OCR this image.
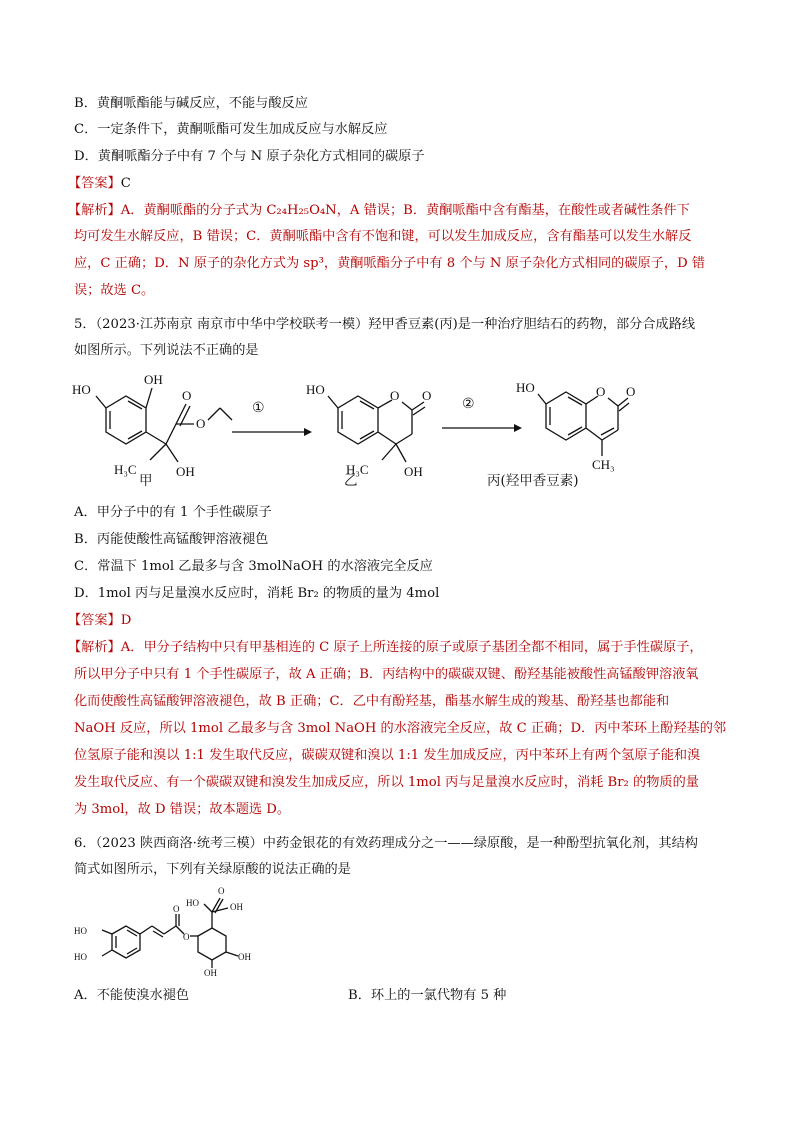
B．黄酮哌酯能与碱反应，不能与酸反应
C．一定条件下，黄酮哌酯可发生加成反应与水解反应
D．黄酮哌酯分子中有 7 个与 N 原子杂化方式相同的碳原子
【答案】C
【解析】A．黄酮哌酯的分子式为 C₂₄H₂₅O₄N，A 错误；B．黄酮哌酯中含有酯基，在酸性或者碱性条件下
均可发生水解反应，B 错误；C．黄酮哌酯中含有不饱和键，可以发生加成反应，含有酯基可以发生水解反
应，C 正确；D．N 原子的杂化方式为 sp³，黄酮哌酯分子中有 8 个与 N 原子杂化方式相同的碳原子，D 错
误；故选 C。
5．（2023·江苏南京 南京市中华中学校联考一模）羟甲香豆素(丙)是一种治疗胆结石的药物，部分合成路线
如图所示。下列说法不正确的是
HO
OH
O
O
H₃C	OH
①
HO	O O
H₃C	OH
②
HO	O O
CH₃
甲	乙	丙(羟甲香豆素)
A．甲分子中的有 1 个手性碳原子
B．丙能使酸性高锰酸钾溶液褪色
C．常温下 1mol 乙最多与含 3molNaOH 的水溶液完全反应
D．1mol 丙与足量溴水反应时，消耗 Br₂ 的物质的量为 4mol
【答案】D
【解析】A．甲分子结构中只有甲基相连的 C 原子上所连接的原子或原子基团全都不相同，属于手性碳原子，
所以甲分子中只有 1 个手性碳原子，故 A 正确；B．丙结构中的碳碳双键、酚羟基能被酸性高锰酸钾溶液氧
化而使酸性高锰酸钾溶液褪色，故 B 正确；C．乙中有酚羟基，酯基水解生成的羧基、酚羟基也都能和
NaOH 反应，所以 1mol 乙最多与含 3mol NaOH 的水溶液完全反应，故 C 正确；D．丙中苯环上酚羟基的邻
位氢原子能和溴以 1:1 发生取代反应，碳碳双键和溴以 1:1 发生加成反应，丙中苯环上有两个氢原子能和溴
发生取代反应、有一个碳碳双键和溴发生加成反应，所以 1mol 丙与足量溴水反应时，消耗 Br₂ 的物质的量
为 3mol，故 D 错误；故本题选 D。
6．（2023 陕西商洛·统考三模）中药金银花的有效药理成分之一——绿原酸，是一种酚型抗氧化剂，其结构
简式如图所示，下列有关绿原酸的说法正确的是
HO
HO
O
O
HO
O
OH
OH
OH
A．不能使溴水褪色	B．环上的一氯代物有 5 种
